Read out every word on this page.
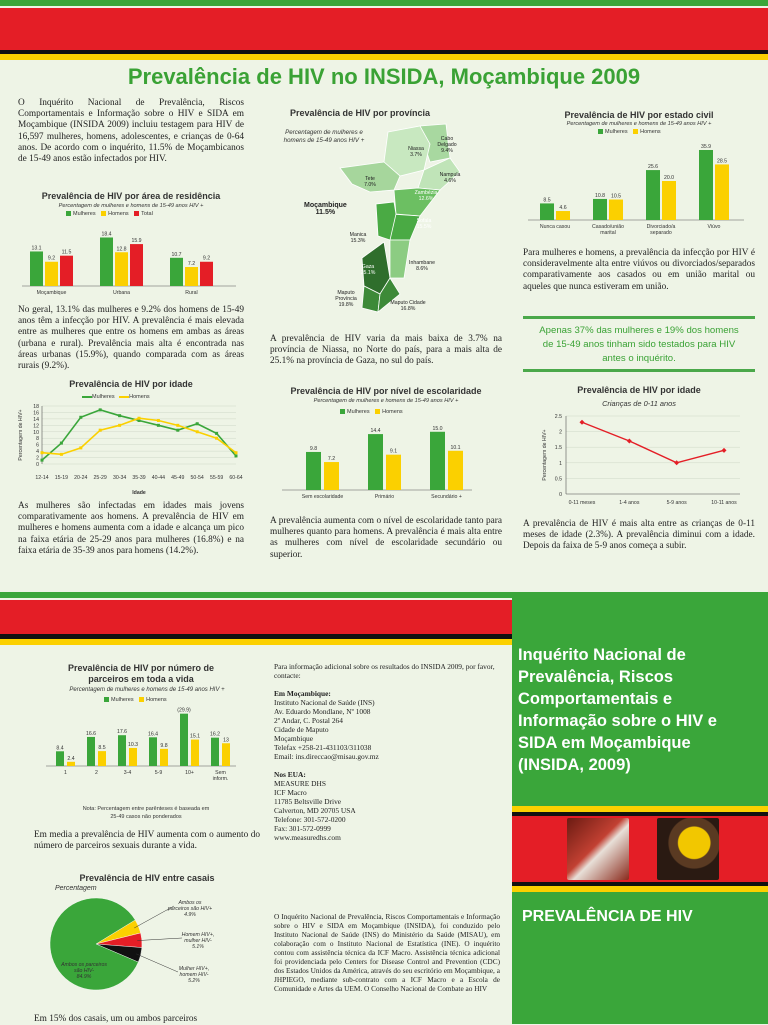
Prevalência de HIV no INSIDA, Moçambique 2009

O Inquérito Nacional de Prevalência, Riscos Comportamentais e Informação sobre o HIV e SIDA em Moçambique (INSIDA 2009) incluiu testagem para HIV de 16,597 mulheres, homens, adolescentes, e crianças de 0-64 anos. De acordo com o inquérito, 11.5% de Moçambicanos de 15-49 anos estão infectados por HIV.

Prevalência de HIV por área de residência
Percentagem de mulheres e homens de 15-49 anos HIV +
Mulheres Homens Total
13.1
9.2
11.5
Moçambique
18.4
12.8
15.9
Urbana
10.7
7.2
9.2
Rural

No geral, 13.1% das mulheres e 9.2% dos homens de 15-49 anos têm a infecção por HIV. A prevalência é mais elevada entre as mulheres que entre os homens em ambas as áreas (urbana e rural). Prevalência mais alta é encontrada nas áreas urbanas (15.9%), quando comparada com as áreas rurais (9.2%).

Prevalência de HIV por idade
Mulheres	Homens
0
2
4
6
8
10
12
14
16
18
12-14 15-19 20-24 25-29 30-34 35-39 40-44 45-49 50-54 55-59 60-64
Idade
Percentagem de HIV+

As mulheres são infectadas em idades mais jovens comparativamente aos homens. A prevalência de HIV em mulheres e homens aumenta com a idade e alcança um pico na faixa etária de 25-29 anos para mulheres (16.8%) e na faixa etária de 35-39 anos para homens (14.2%).

Prevalência de HIV por província
Percentagem de mulheres e homens de 15-49 anos HIV +
Moçambique
11.5%
Cabo
Delgado
9.4%
Niassa
3.7%
Nampula
4.6%
Tete
7.0%
Zambézia
12.6%
Sofala
15.5%
Manica
15.3%
Inhambane
8.6%
Gaza
25.1%
Maputo
Província
19.8%	Maputo Cidade
16.8%

A prevalência de HIV varia da mais baixa de 3.7% na província de Niassa, no Norte do país, para a mais alta de 25.1% na província de Gaza, no sul do país.

Prevalência de HIV por nível de escolaridade
Percentagem de mulheres e homens de 15-49 anos HIV +
Mulheres Homens
9.8
7.2
Sem escolaridade
14.4
9.1
Primário
15.0
10.1
Secundário +

A prevalência aumenta com o nível de escolaridade tanto para mulheres quanto para homens. A prevalência é mais alta entre as mulheres com nível de escolaridade secundário ou superior.

Prevalência de HIV por estado civil
Percentagem de mulheres e homens de 15-49 anos HIV +
Mulheres Homens
8.5
4.6
Nunca casou
10.8 10.5
Casado/união
marital
25.6
20.0
Divorciado/a
separado
35.9
28.5
Viúvo

Para mulheres e homens, a prevalência da infecção por HIV é consideravelmente alta entre viúvos ou divorciados/separados comparativamente aos casados ou em união marital ou aqueles que nunca estiveram em união.

Apenas 37% das mulheres e 19% dos homens de 15-49 anos tinham sido testados para HIV antes o inquérito.
Prevalência de HIV por idade
Crianças de 0-11 anos
0
0.5
1
1.5
2
2.5
0-11 meses	1-4 anos	5-9 anos	10-11 anos
Percentagem de HIV+

A prevalência de HIV é mais alta entre as crianças de 0-11 meses de idade (2.3%). A prevalência diminui com a idade. Depois da faixa de 5-9 anos começa a subir.

Prevalência de HIV por número de parceiros em toda a vida
Percentagem de mulheres e homens de 15-49 anos HIV +
Mulheres Homens
8.4
2.4
1
16.6
8.5
2
17.6
10.3
3-4
16.4
9.8
5-9
(29.9)
15.1
10+
16.2
13
Sem
inform.
Nota: Percentagem entre parênteses é baseada em 25-49 casos não ponderados

Em media a prevalência de HIV aumenta com o aumento do número de parceiros sexuais durante a vida.

Prevalência de HIV entre casais
Percentagem
Ambos os parceiros
são HIV-
84.9%
Ambos os
parceiros são HIV+
4.9%
Homem HIV+,
mulher HIV-
5.1%
Mulher HIV+,
homem HIV-
5.2%

Em 15% dos casais, um ou ambos parceiros

Para informação adicional sobre os resultados do INSIDA 2009, por favor, contacte:
Em Moçambique:
Instituto Nacional de Saúde (INS)
Av. Eduardo Mondlane, Nº 1008
2º Andar, C. Postal 264
Cidade de Maputo
Moçambique
Telefax +258-21-431103/311038
Email: ins.direccao@misau.gov.mz
Nos EUA:
MEASURE DHS
ICF Macro
11785 Beltsville Drive
Calverton, MD 20705 USA
Telefone: 301-572-0200
Fax: 301-572-0999
www.measuredhs.com

O Inquérito Nacional de Prevalência, Riscos Comportamentais e Informação sobre o HIV e SIDA em Moçambique (INSIDA), foi conduzido pelo Instituto Nacional de Saúde (INS) do Ministério da Saúde (MISAU), em colaboração com o Instituto Nacional de Estatística (INE). O inquérito contou com assistência técnica da ICF Macro. Assistência técnica adicional foi providenciada pelo Centers for Disease Control and Prevention (CDC) dos Estados Unidos da América, através do seu escritório em Moçambique, a JHPIEGO, mediante sub-contrato com a ICF Macro e a Escola de Comunidade e Artes da UEM. O Conselho Nacional de Combate ao HIV

Inquérito Nacional de Prevalência, Riscos Comportamentais e Informação sobre o HIV e SIDA em Moçambique (INSIDA, 2009)
PREVALÊNCIA DE HIV
